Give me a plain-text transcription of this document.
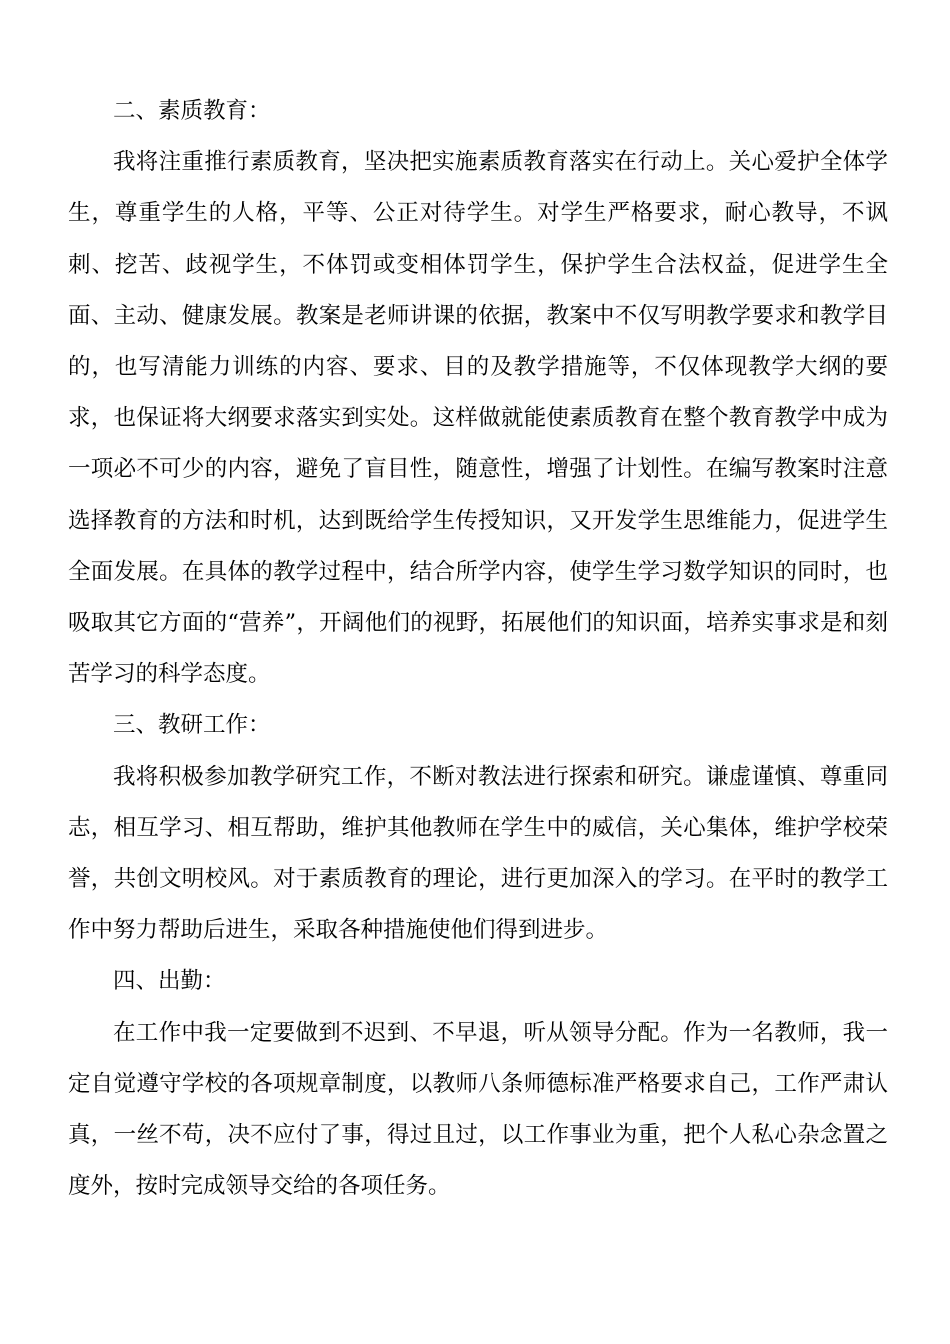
二、素质教育：

我将注重推行素质教育，坚决把实施素质教育落实在行动上。关心爱护全体学生，尊重学生的人格，平等、公正对待学生。对学生严格要求，耐心教导，不讽刺、挖苦、歧视学生，不体罚或变相体罚学生，保护学生合法权益，促进学生全面、主动、健康发展。教案是老师讲课的依据，教案中不仅写明教学要求和教学目的，也写清能力训练的内容、要求、目的及教学措施等，不仅体现教学大纲的要求，也保证将大纲要求落实到实处。这样做就能使素质教育在整个教育教学中成为一项必不可少的内容，避免了盲目性，随意性，增强了计划性。在编写教案时注意选择教育的方法和时机，达到既给学生传授知识，又开发学生思维能力，促进学生全面发展。在具体的教学过程中，结合所学内容，使学生学习数学知识的同时，也吸取其它方面的“营养”，开阔他们的视野，拓展他们的知识面，培养实事求是和刻苦学习的科学态度。

三、教研工作：

我将积极参加教学研究工作，不断对教法进行探索和研究。谦虚谨慎、尊重同志，相互学习、相互帮助，维护其他教师在学生中的威信，关心集体，维护学校荣誉，共创文明校风。对于素质教育的理论，进行更加深入的学习。在平时的教学工作中努力帮助后进生，采取各种措施使他们得到进步。

四、出勤：

在工作中我一定要做到不迟到、不早退，听从领导分配。作为一名教师，我一定自觉遵守学校的各项规章制度，以教师八条师德标准严格要求自己，工作严肃认真，一丝不苟，决不应付了事，得过且过，以工作事业为重，把个人私心杂念置之度外，按时完成领导交给的各项任务。
